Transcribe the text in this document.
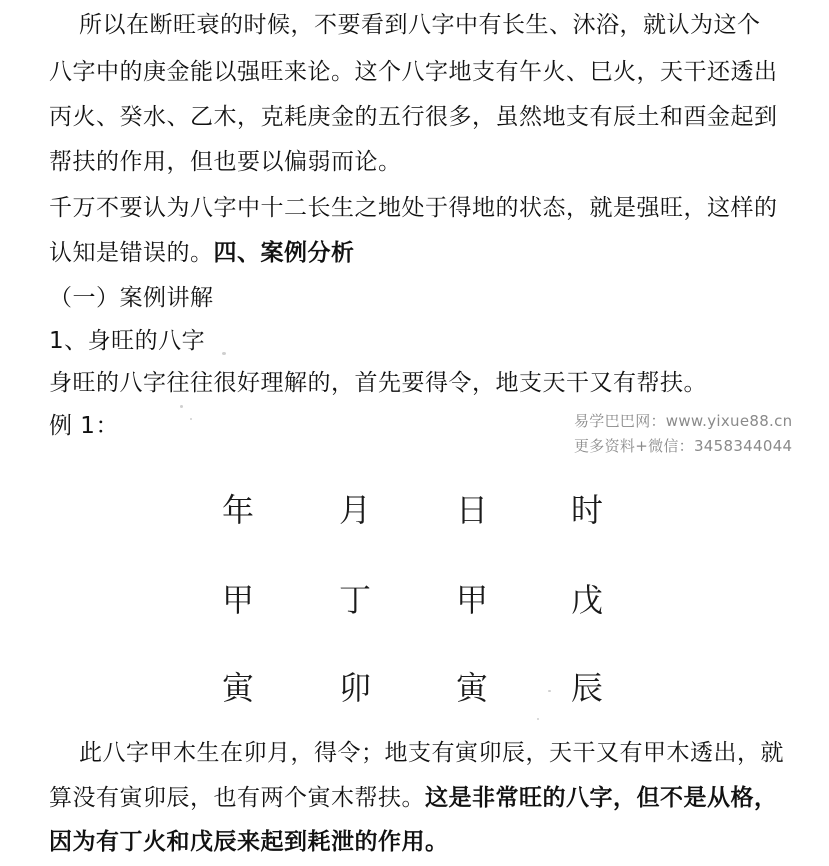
所以在断旺衰的时候，不要看到八字中有长生、沐浴，就认为这个
八字中的庚金能以强旺来论。这个八字地支有午火、巳火，天干还透出
丙火、癸水、乙木，克耗庚金的五行很多，虽然地支有辰土和酉金起到
帮扶的作用，但也要以偏弱而论。
千万不要认为八字中十二长生之地处于得地的状态，就是强旺，这样的
认知是错误的。四、案例分析
（一）案例讲解
1、身旺的八字
身旺的八字往往很好理解的，首先要得令，地支天干又有帮扶。
例 1：	易学巴巴网：www.yixue88.cn
更多资料+微信：3458344044
年	月	日	时
甲	丁	甲	戊
寅	卯	寅	辰
此八字甲木生在卯月，得令；地支有寅卯辰，天干又有甲木透出，就
算没有寅卯辰，也有两个寅木帮扶。这是非常旺的八字，但不是从格，
因为有丁火和戊辰来起到耗泄的作用。
